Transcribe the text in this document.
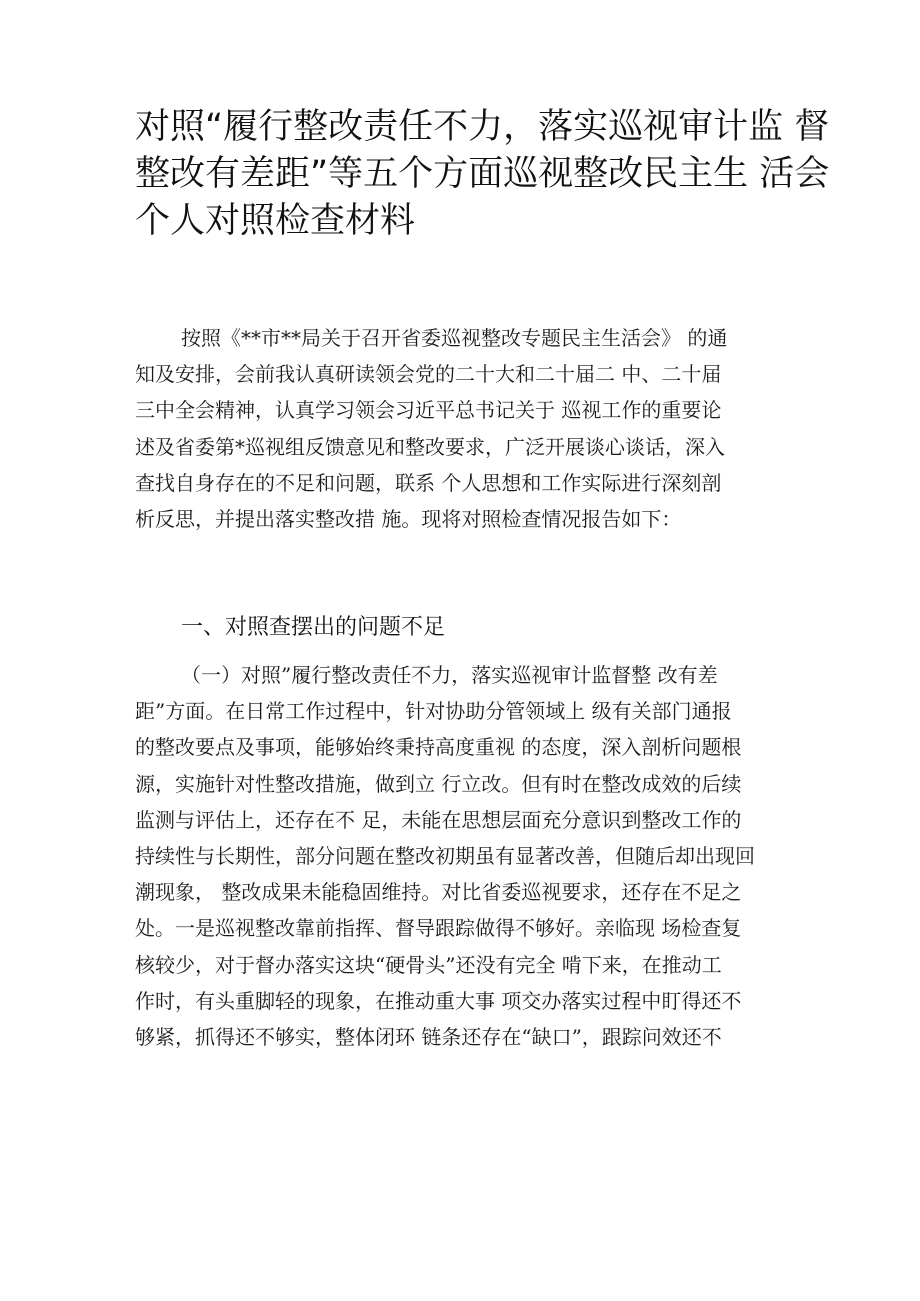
对照“履行整改责任不力，落实巡视审计监 督
整改有差距”等五个方面巡视整改民主生 活会
个人对照检查材料
按照《**市**局关于召开省委巡视整改专题民主生活会》 的通
知及安排，会前我认真研读领会党的二十大和二十届二 中、二十届
三中全会精神，认真学习领会习近平总书记关于 巡视工作的重要论
述及省委第*巡视组反馈意见和整改要求，广泛开展谈心谈话，深入
查找自身存在的不足和问题，联系 个人思想和工作实际进行深刻剖
析反思，并提出落实整改措 施。现将对照检查情况报告如下：
一、对照查摆出的问题不足
（一）对照”履行整改责任不力，落实巡视审计监督整 改有差
距”方面。在日常工作过程中，针对协助分管领域上 级有关部门通报
的整改要点及事项，能够始终秉持高度重视 的态度，深入剖析问题根
源，实施针对性整改措施，做到立 行立改。但有时在整改成效的后续
监测与评估上，还存在不 足，未能在思想层面充分意识到整改工作的
持续性与长期性，部分问题在整改初期虽有显著改善，但随后却出现回
潮现象， 整改成果未能稳固维持。对比省委巡视要求，还存在不足之
处。一是巡视整改靠前指挥、督导跟踪做得不够好。亲临现 场检查复
核较少，对于督办落实这块“硬骨头”还没有完全 啃下来，在推动工
作时，有头重脚轻的现象，在推动重大事 项交办落实过程中盯得还不
够紧，抓得还不够实，整体闭环 链条还存在“缺口”，跟踪问效还不
